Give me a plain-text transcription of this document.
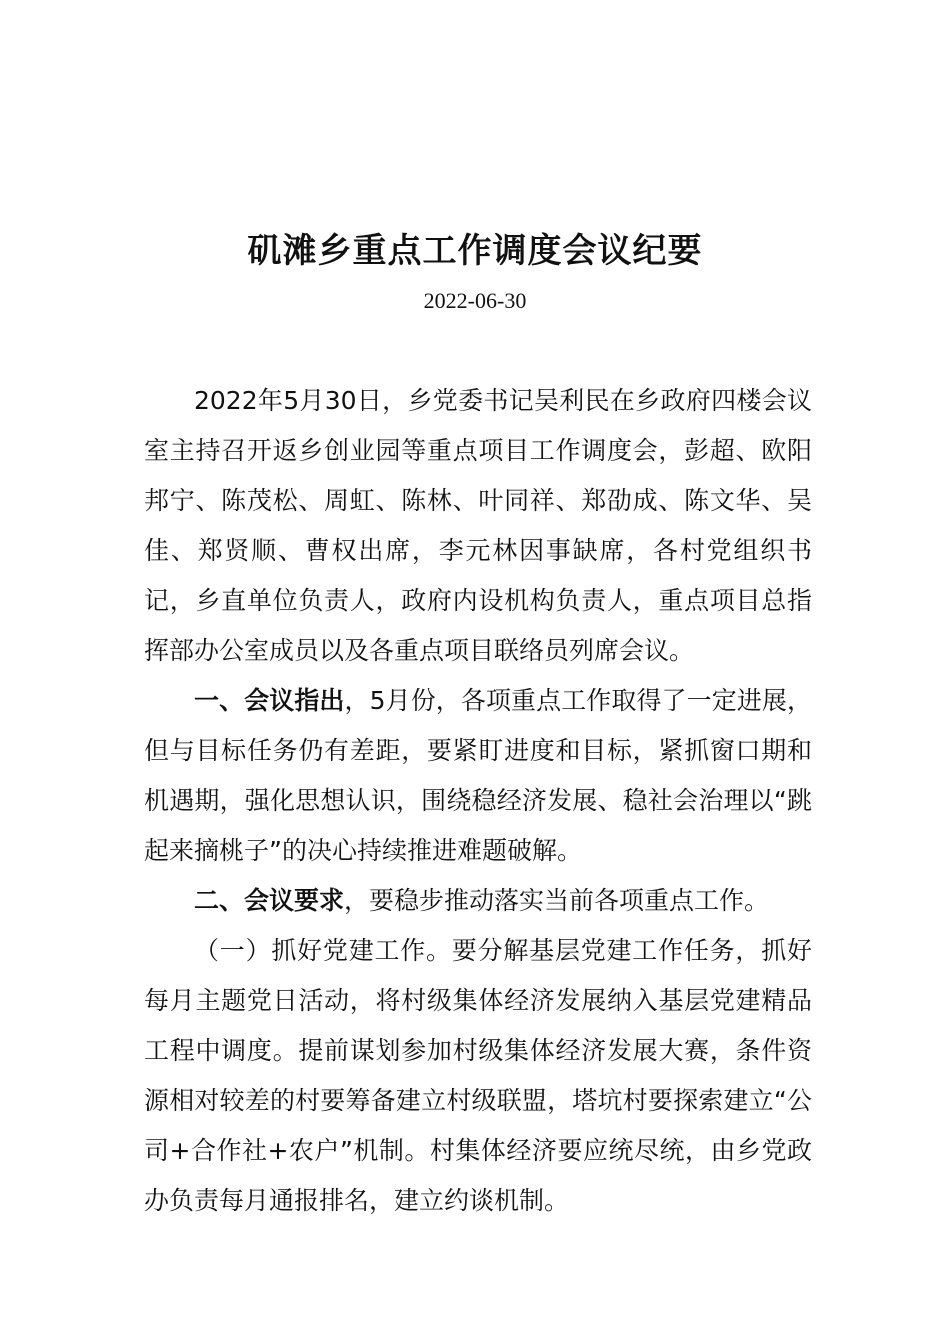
矶滩乡重点工作调度会议纪要
2022-06-30

2022年5月30日，乡党委书记吴利民在乡政府四楼会议室主持召开返乡创业园等重点项目工作调度会，彭超、欧阳邦宁、陈茂松、周虹、陈林、叶同祥、郑劭成、陈文华、吴佳、郑贤顺、曹权出席，李元林因事缺席，各村党组织书记，乡直单位负责人，政府内设机构负责人，重点项目总指挥部办公室成员以及各重点项目联络员列席会议。

一、会议指出，5月份，各项重点工作取得了一定进展，但与目标任务仍有差距，要紧盯进度和目标，紧抓窗口期和机遇期，强化思想认识，围绕稳经济发展、稳社会治理以“跳起来摘桃子”的决心持续推进难题破解。

二、会议要求，要稳步推动落实当前各项重点工作。

（一）抓好党建工作。要分解基层党建工作任务，抓好每月主题党日活动，将村级集体经济发展纳入基层党建精品工程中调度。提前谋划参加村级集体经济发展大赛，条件资源相对较差的村要筹备建立村级联盟，塔坑村要探索建立“公司+合作社+农户”机制。村集体经济要应统尽统，由乡党政办负责每月通报排名，建立约谈机制。
